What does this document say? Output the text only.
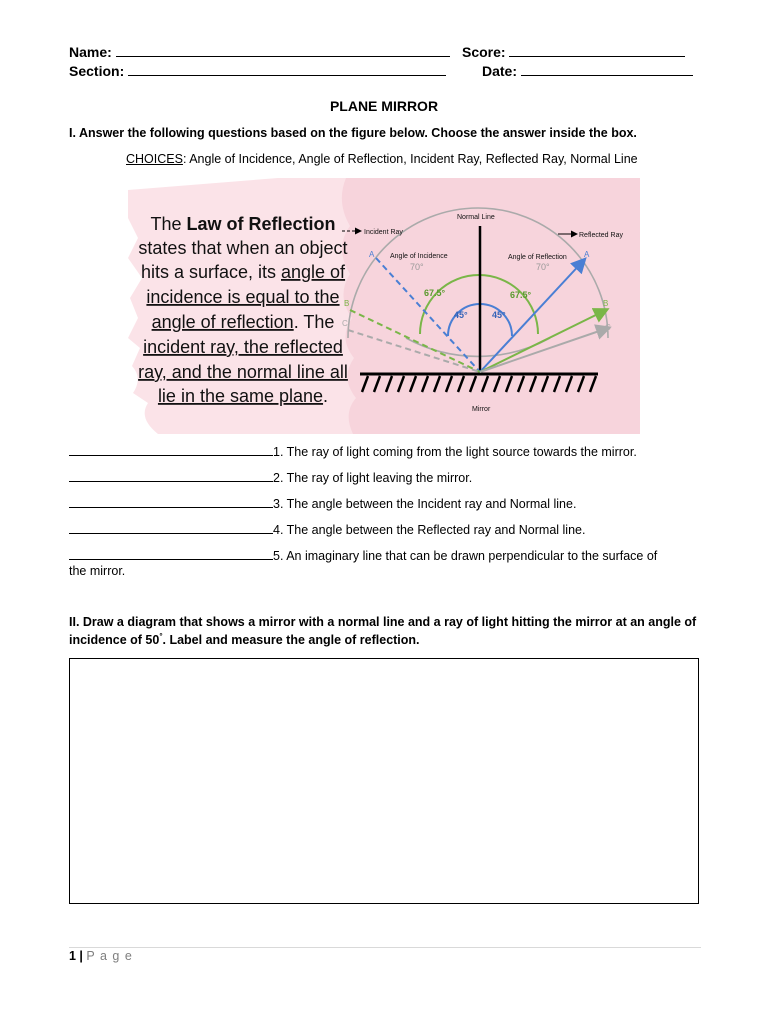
Name:	Score:
Section:	Date:
PLANE MIRROR
I. Answer the following questions based on the figure below. Choose the answer inside the box.
CHOICES: Angle of Incidence, Angle of Reflection, Incident Ray, Reflected Ray, Normal Line
The Law of Reflection
states that when an object
hits a surface, its angle of
incidence is equal to the
angle of reflection. The
incident ray, the reflected
ray, and the normal line all
lie in the same plane.
Normal Line
Incident Ray	Reflected Ray
Angle of Incidence	Angle of Reflection
Mirror
70°	70°
67.5°	67.5°
45°	45°
A	A
B	B
C	C
1. The ray of light coming from the light source towards the mirror.
2. The ray of light leaving the mirror.
3. The angle between the Incident ray and Normal line.
4. The angle between the Reflected ray and Normal line.
5. An imaginary line that can be drawn perpendicular to the surface of
the mirror.
II. Draw a diagram that shows a mirror with a normal line and a ray of light hitting the mirror at an angle of
incidence of 50°. Label and measure the angle of reflection.
1 | P a g e
